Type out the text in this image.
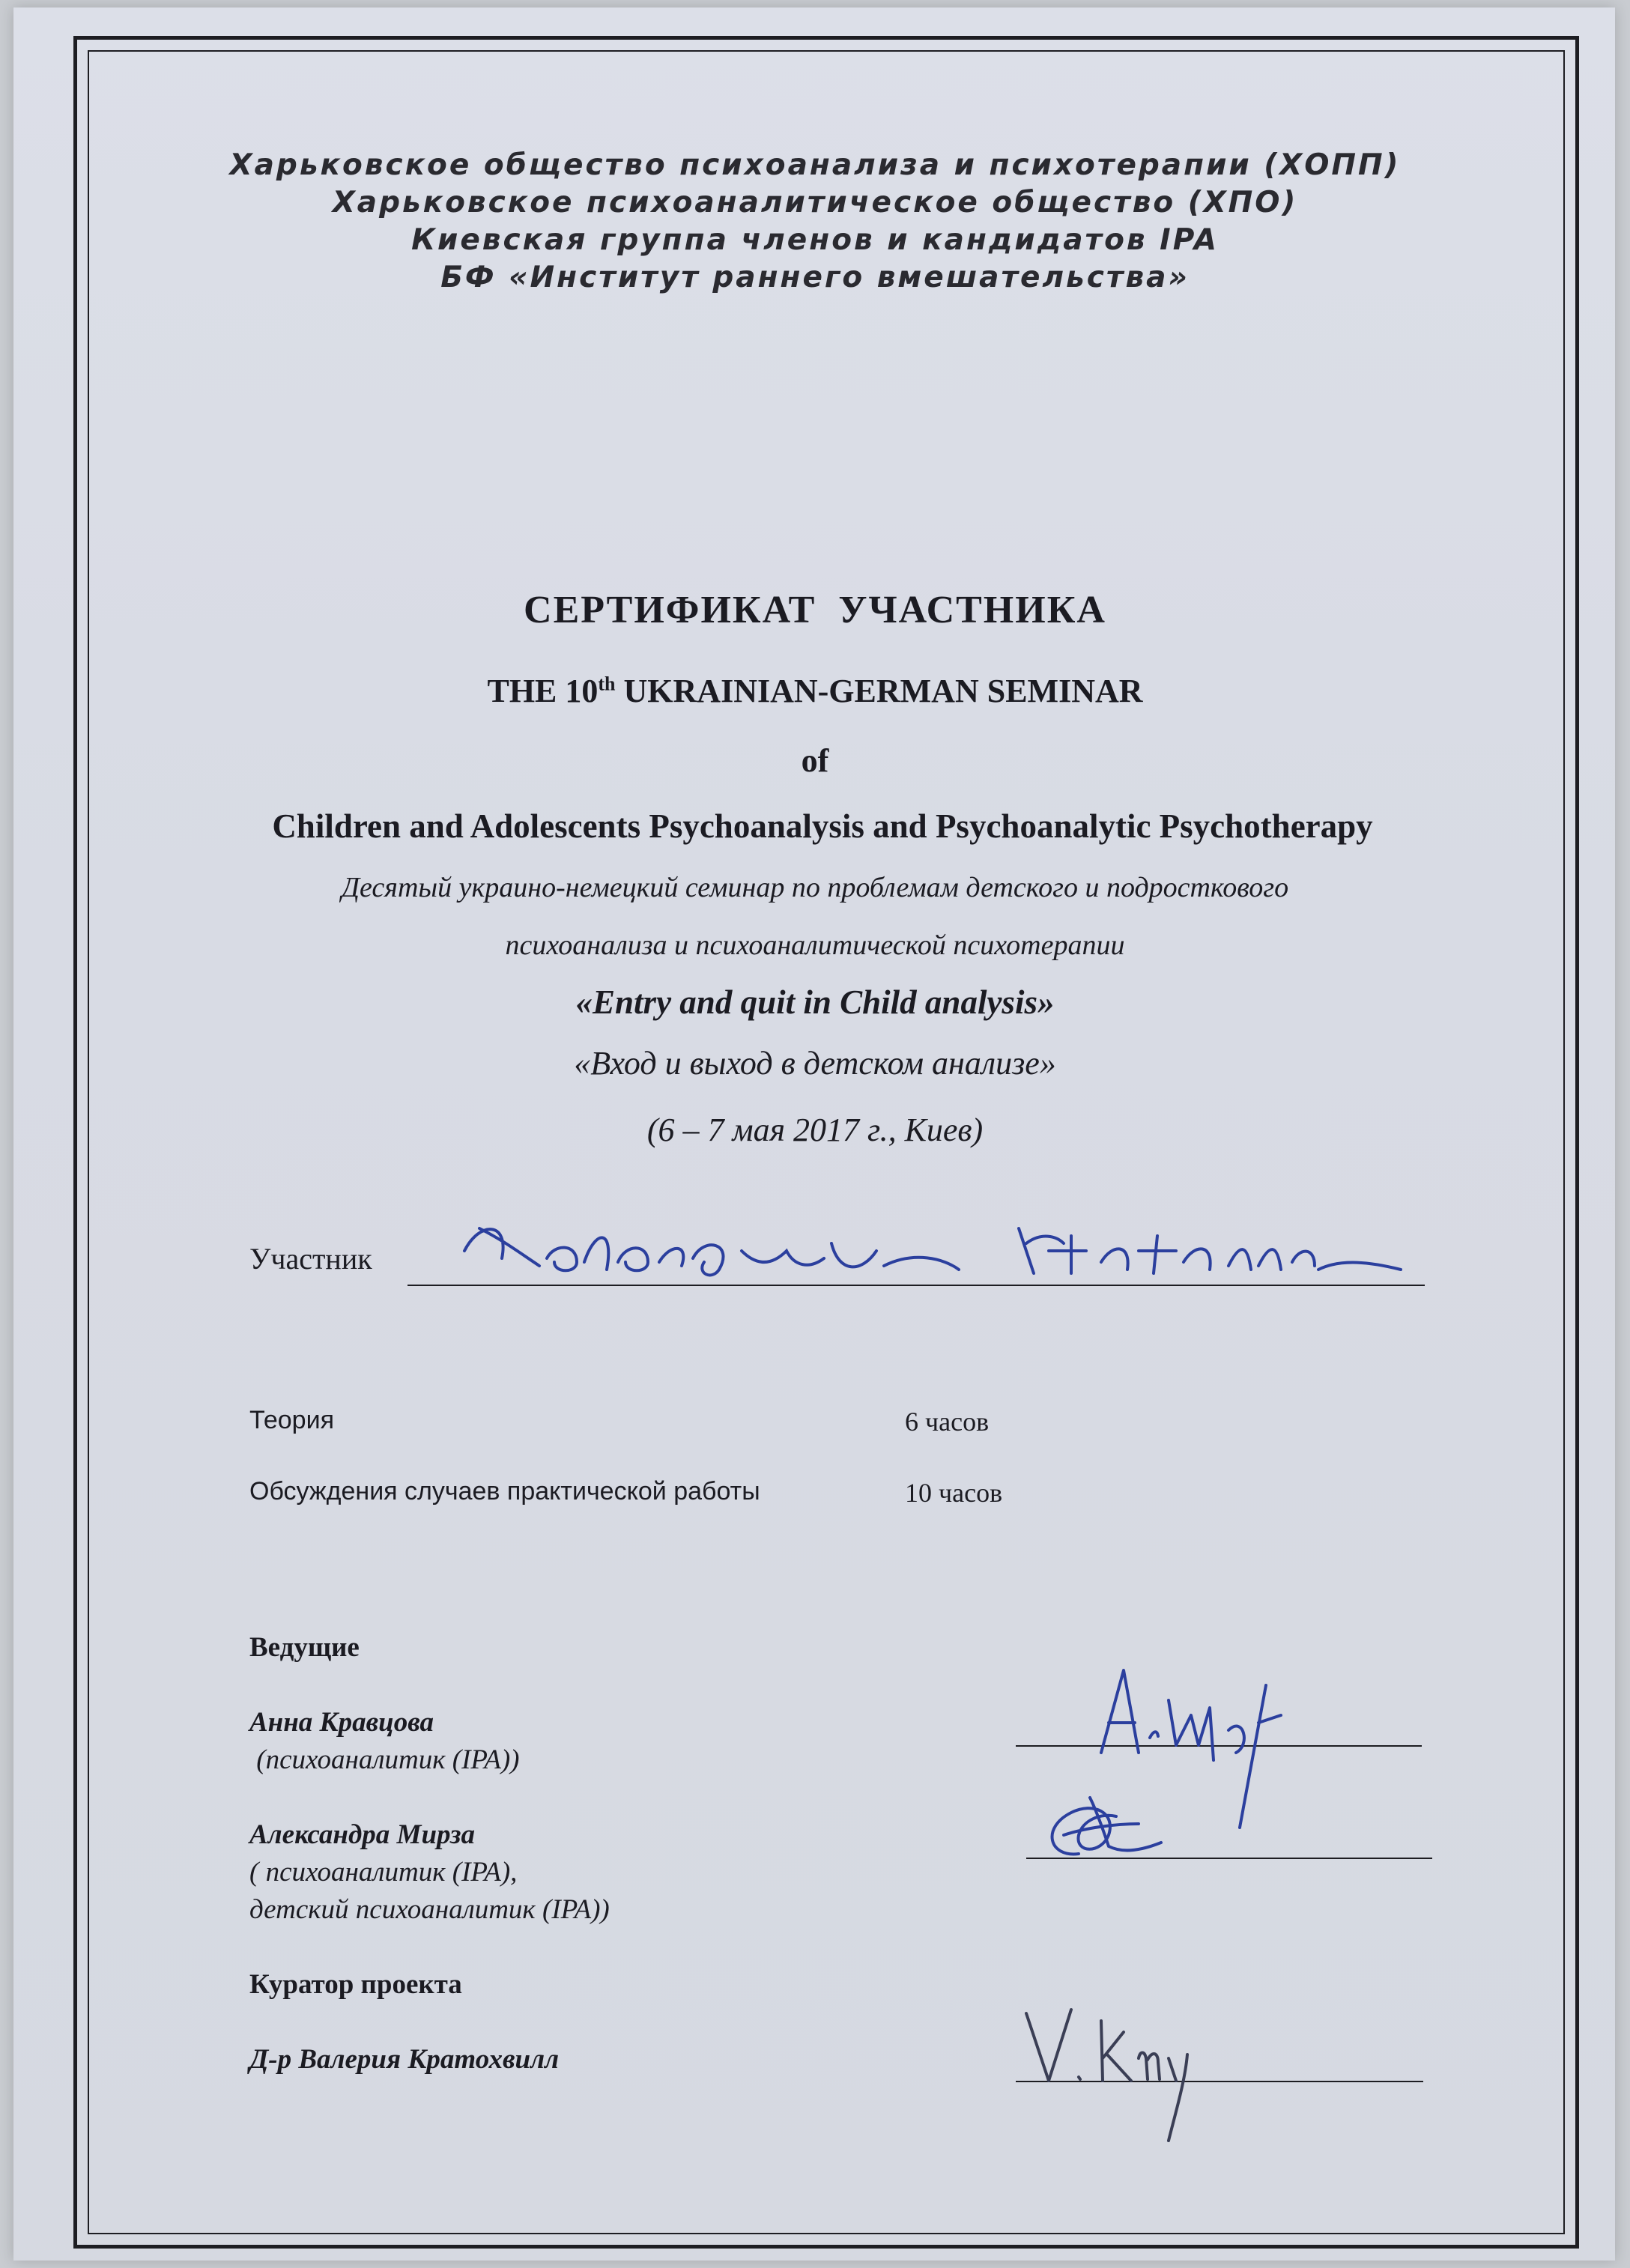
Харьковское общество психоанализа и психотерапии (ХОПП)
Харьковское психоаналитическое общество (ХПО)
Киевская группа членов и кандидатов IPA
БФ «Институт раннего вмешательства»
СЕРТИФИКАТ  УЧАСТНИКА
THE 10th UKRAINIAN-GERMAN SEMINAR
of
Children and Adolescents Psychoanalysis and Psychoanalytic Psychotherapy
Десятый украино-немецкий семинар по проблемам детского и подросткового
психоанализа и психоаналитической психотерапии
«Entry and quit in Child analysis»
«Вход и выход в детском анализе»
(6 – 7 мая 2017 г., Киев)
Участник
Теория	6 часов
Обсуждения случаев практической работы	10 часов
Ведущие
Анна Кравцова
(психоаналитик (IPA))
Александра Мирза
( психоаналитик (IPA),
детский психоаналитик (IPA))
Куратор проекта
Д-р Валерия Кратохвилл
